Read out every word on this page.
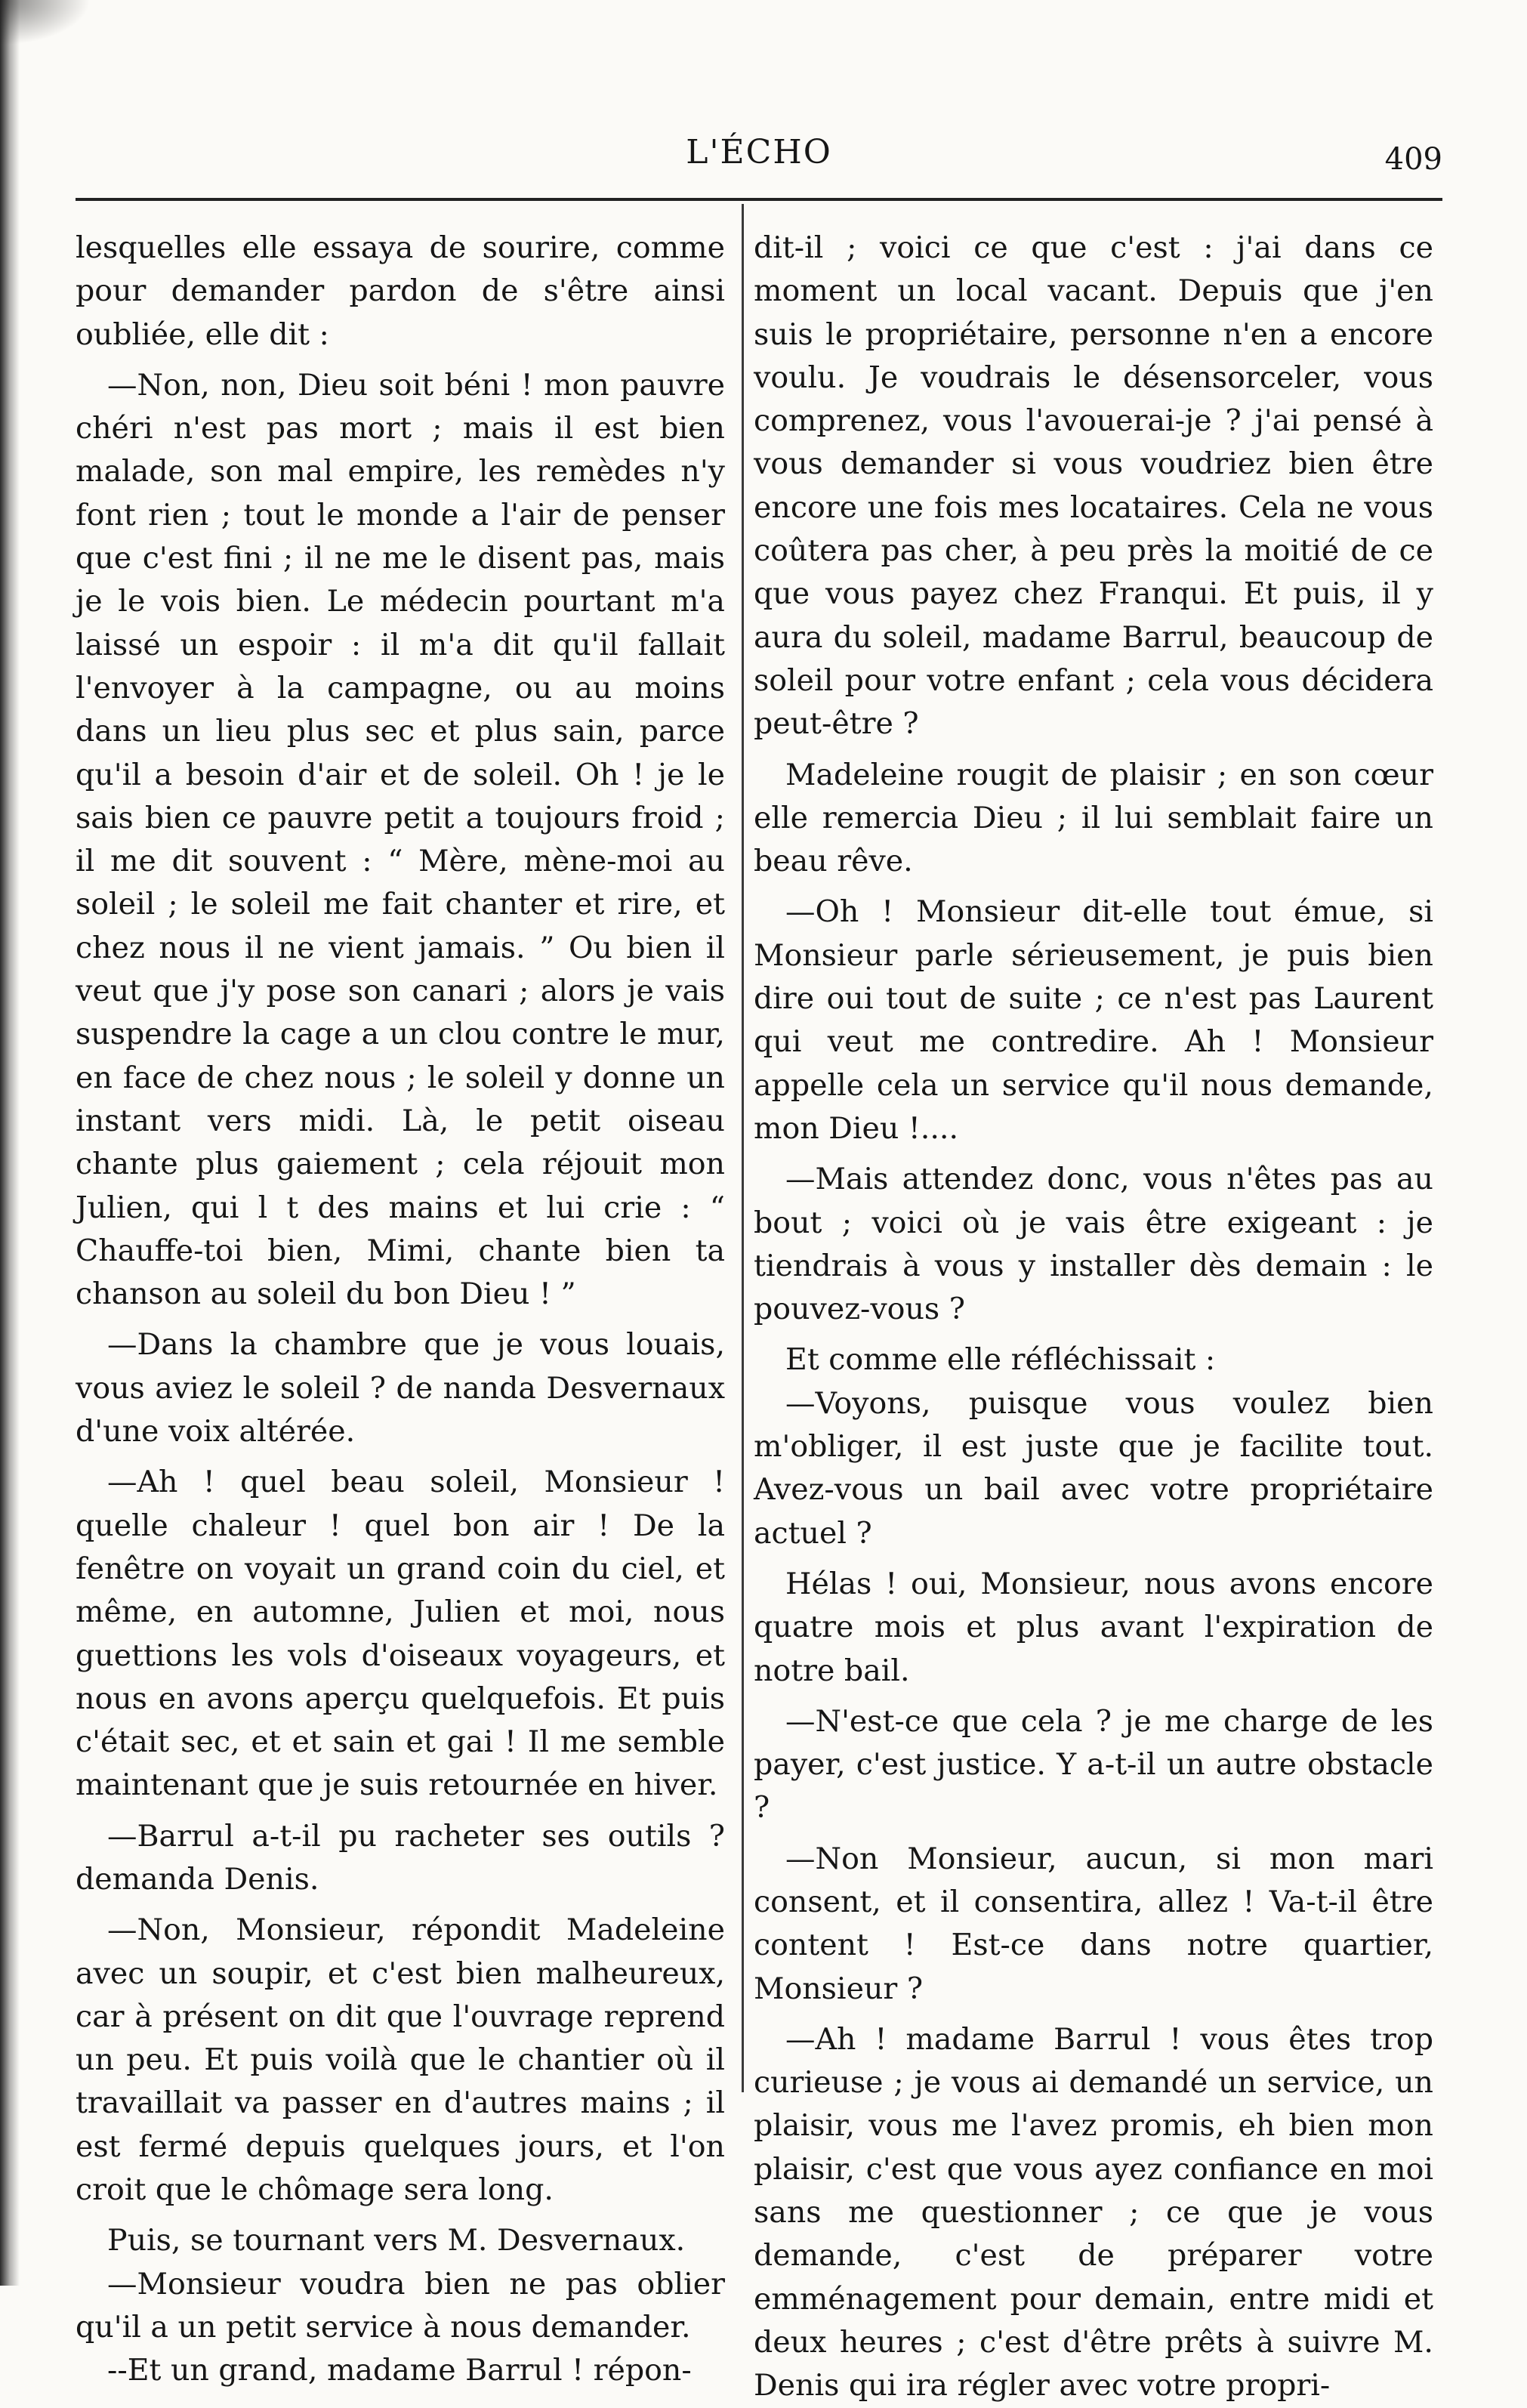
L'ÉCHO	409

lesquelles elle essaya de sourire, comme pour demander pardon de s'être ainsi oubliée, elle dit :

—Non, non, Dieu soit béni ! mon pauvre chéri n'est pas mort ; mais il est bien malade, son mal empire, les remèdes n'y font rien ; tout le monde a l'air de penser que c'est fini ; il ne me le disent pas, mais je le vois bien. Le médecin pourtant m'a laissé un espoir : il m'a dit qu'il fallait l'envoyer à la campagne, ou au moins dans un lieu plus sec et plus sain, parce qu'il a besoin d'air et de soleil. Oh ! je le sais bien ce pauvre petit a toujours froid ; il me dit souvent : “ Mère, mène-moi au soleil ; le soleil me fait chanter et rire, et chez nous il ne vient jamais. ” Ou bien il veut que j'y pose son canari ; alors je vais suspendre la cage a un clou contre le mur, en face de chez nous ; le soleil y donne un instant vers midi. Là, le petit oiseau chante plus gaiement ; cela réjouit mon Julien, qui l t des mains et lui crie : “ Chauffe-toi bien, Mimi, chante bien ta chanson au soleil du bon Dieu ! ”

—Dans la chambre que je vous louais, vous aviez le soleil ? de nanda Desvernaux d'une voix altérée.

—Ah ! quel beau soleil, Monsieur ! quelle chaleur ! quel bon air ! De la fenêtre on voyait un grand coin du ciel, et même, en automne, Julien et moi, nous guettions les vols d'oiseaux voyageurs, et nous en avons aperçu quelquefois. Et puis c'était sec, et et sain et gai ! Il me semble maintenant que je suis retournée en hiver.

—Barrul a-t-il pu racheter ses outils ? demanda Denis.

—Non, Monsieur, répondit Madeleine avec un soupir, et c'est bien malheureux, car à présent on dit que l'ouvrage reprend un peu. Et puis voilà que le chantier où il travaillait va passer en d'autres mains ; il est fermé depuis quelques jours, et l'on croit que le chômage sera long.

Puis, se tournant vers M. Desvernaux.

—Monsieur voudra bien ne pas oblier qu'il a un petit service à nous demander.

--Et un grand, madame Barrul ! répon-

dit-il ; voici ce que c'est : j'ai dans ce moment un local vacant. Depuis que j'en suis le propriétaire, personne n'en a encore voulu. Je voudrais le désensorceler, vous comprenez, vous l'avouerai-je ? j'ai pensé à vous demander si vous voudriez bien être encore une fois mes locataires. Cela ne vous coûtera pas cher, à peu près la moitié de ce que vous payez chez Franqui. Et puis, il y aura du soleil, madame Barrul, beaucoup de soleil pour votre enfant ; cela vous décidera peut-être ?

Madeleine rougit de plaisir ; en son cœur elle remercia Dieu ; il lui semblait faire un beau rêve.

—Oh ! Monsieur dit-elle tout émue, si Monsieur parle sérieusement, je puis bien dire oui tout de suite ; ce n'est pas Laurent qui veut me contredire. Ah ! Monsieur appelle cela un service qu'il nous demande, mon Dieu !....

—Mais attendez donc, vous n'êtes pas au bout ; voici où je vais être exigeant : je tiendrais à vous y installer dès demain : le pouvez-vous ?

Et comme elle réfléchissait :

—Voyons, puisque vous voulez bien m'obliger, il est juste que je facilite tout. Avez-vous un bail avec votre propriétaire actuel ?

Hélas ! oui, Monsieur, nous avons encore quatre mois et plus avant l'expiration de notre bail.

—N'est-ce que cela ? je me charge de les payer, c'est justice. Y a-t-il un autre obstacle ?

—Non Monsieur, aucun, si mon mari consent, et il consentira, allez ! Va-t-il être content ! Est-ce dans notre quartier, Monsieur ?

—Ah ! madame Barrul ! vous êtes trop curieuse ; je vous ai demandé un service, un plaisir, vous me l'avez promis, eh bien mon plaisir, c'est que vous ayez confiance en moi sans me questionner ; ce que je vous demande, c'est de préparer votre emménagement pour demain, entre midi et deux heures ; c'est d'être prêts à suivre M. Denis qui ira régler avec votre propri-
